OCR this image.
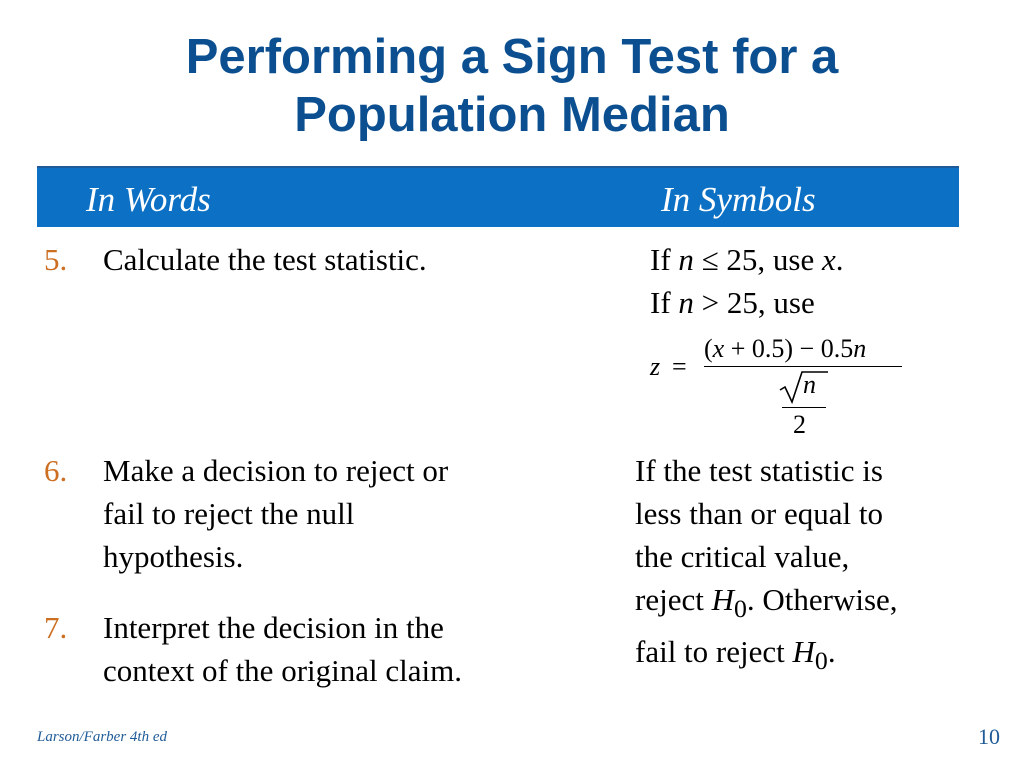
Performing a Sign Test for a
Population Median
In Words	In Symbols
5. Calculate the test statistic.
6. Make a decision to reject or
fail to reject the null
hypothesis.
7. Interpret the decision in the
context of the original claim.
If n ≤ 25, use x.
If n > 25, use
z =
(x + 0.5) − 0.5n
n
2
If the test statistic is
less than or equal to
the critical value,
reject $H_0$. Otherwise,
fail to reject $H_0$.
Larson/Farber 4th ed	10
